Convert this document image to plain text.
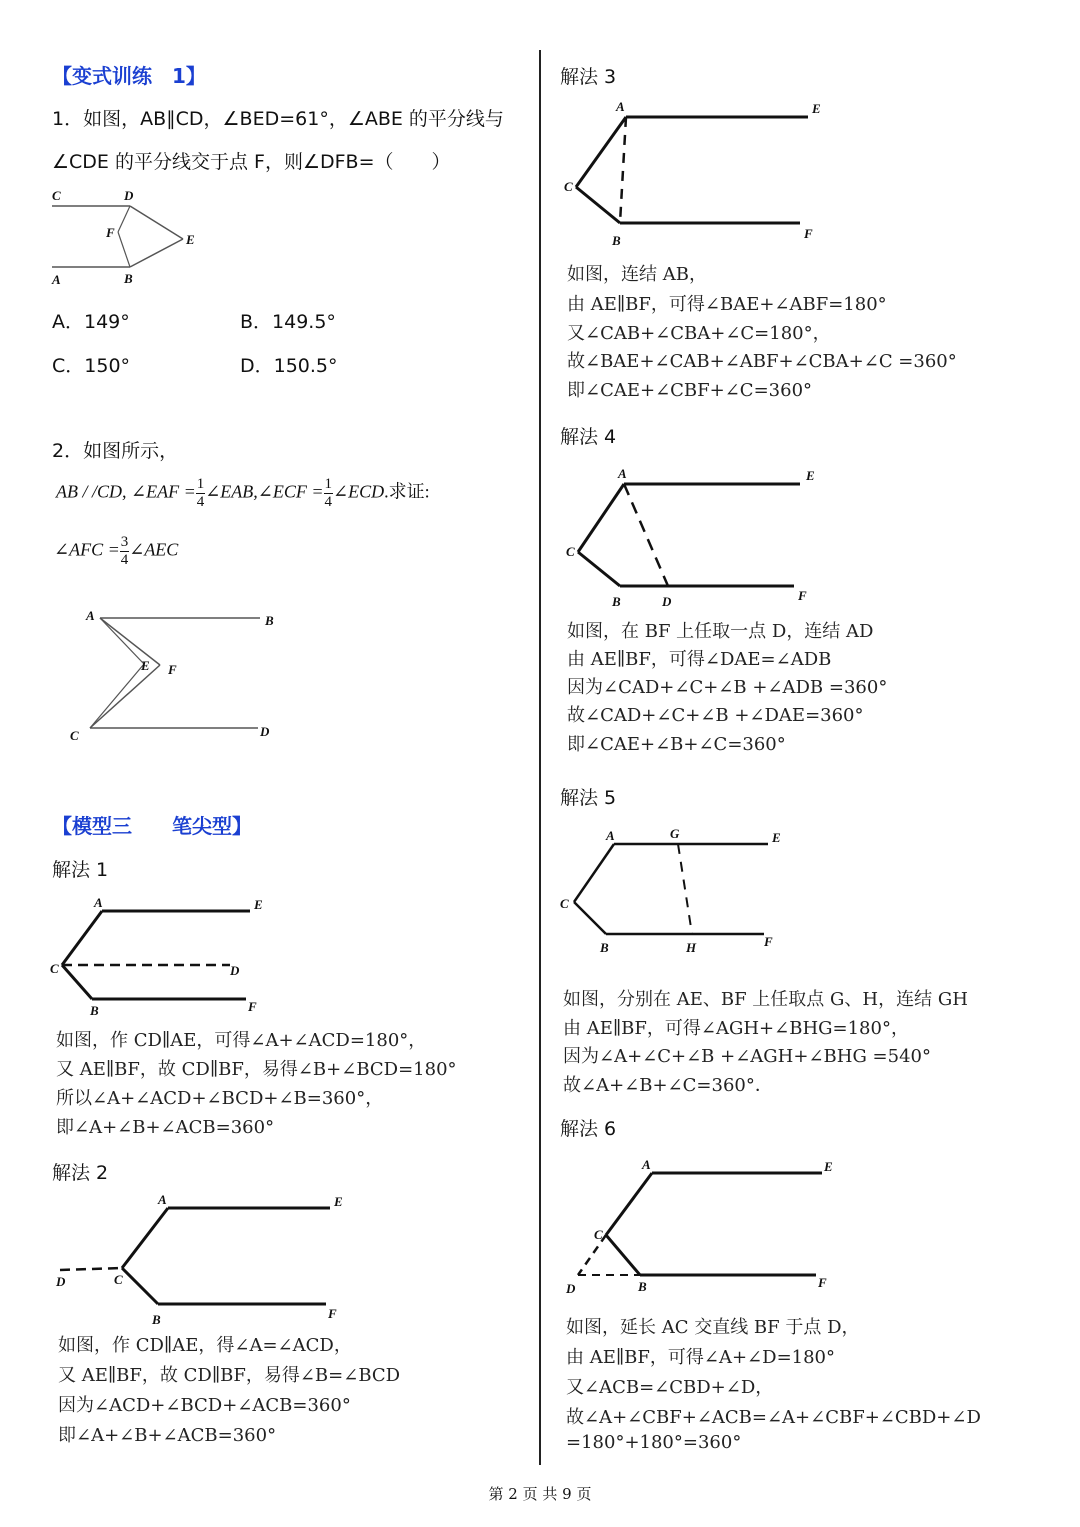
【变式训练　1】
1．如图，AB∥CD，∠BED=61°，∠ABE 的平分线与
∠CDE 的平分线交于点 F，则∠DFB=（　　）
C	D
F	E
A	B
A．149°	B．149.5°
C．150°	D．150.5°
2．如图所示，
AB / /CD, ∠EAF = $\frac{1}{4}$ ∠EAB,∠ECF = $\frac{1}{4}$ ∠ECD.求证:
∠AFC = $\frac{3}{4}$ ∠AEC
A	B
E F
C	D
【模型三　　笔尖型】
解法 1
A	E
C	D
B	F
如图，作 CD∥AE，可得∠A+∠ACD=180°，
又 AE∥BF，故 CD∥BF，易得∠B+∠BCD=180°
所以∠A+∠ACD+∠BCD+∠B=360°，
即∠A+∠B+∠ACB=360°
解法 2
A	E
D	C
B	F
如图，作 CD∥AE，得∠A=∠ACD，
又 AE∥BF，故 CD∥BF，易得∠B=∠BCD
因为∠ACD+∠BCD+∠ACB=360°
即∠A+∠B+∠ACB=360°
解法 3
A	E
C
B	F
如图，连结 AB，
由 AE∥BF，可得∠BAE+∠ABF=180°
又∠CAB+∠CBA+∠C=180°，
故∠BAE+∠CAB+∠ABF+∠CBA+∠C =360°
即∠CAE+∠CBF+∠C=360°
解法 4
A	E
C
B	D	F
如图，在 BF 上任取一点 D，连结 AD
由 AE∥BF，可得∠DAE=∠ADB
因为∠CAD+∠C+∠B +∠ADB =360°
故∠CAD+∠C+∠B +∠DAE=360°
即∠CAE+∠B+∠C=360°
解法 5
A	G	E
C
B	H	F
如图，分别在 AE、BF 上任取点 G、H，连结 GH
由 AE∥BF，可得∠AGH+∠BHG=180°，
因为∠A+∠C+∠B +∠AGH+∠BHG =540°
故∠A+∠B+∠C=360°．
解法 6
A	E
C
D	B	F
如图，延长 AC 交直线 BF 于点 D，
由 AE∥BF，可得∠A+∠D=180°
又∠ACB=∠CBD+∠D，
故∠A+∠CBF+∠ACB=∠A+∠CBF+∠CBD+∠D
=180°+180°=360°
第 2 页 共 9 页
